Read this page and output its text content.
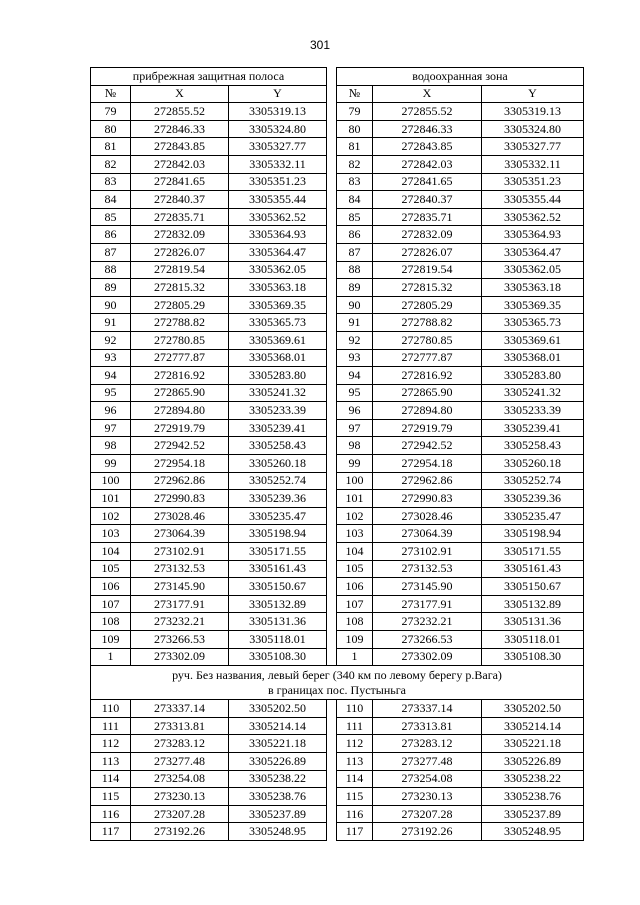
301
прибрежная защитная полоса				водоохранная зона		
№	X	Y		№	X	Y
79	272855.52	3305319.13		79	272855.52	3305319.13
80	272846.33	3305324.80		80	272846.33	3305324.80
81	272843.85	3305327.77		81	272843.85	3305327.77
82	272842.03	3305332.11		82	272842.03	3305332.11
83	272841.65	3305351.23		83	272841.65	3305351.23
84	272840.37	3305355.44		84	272840.37	3305355.44
85	272835.71	3305362.52		85	272835.71	3305362.52
86	272832.09	3305364.93		86	272832.09	3305364.93
87	272826.07	3305364.47		87	272826.07	3305364.47
88	272819.54	3305362.05		88	272819.54	3305362.05
89	272815.32	3305363.18		89	272815.32	3305363.18
90	272805.29	3305369.35		90	272805.29	3305369.35
91	272788.82	3305365.73		91	272788.82	3305365.73
92	272780.85	3305369.61		92	272780.85	3305369.61
93	272777.87	3305368.01		93	272777.87	3305368.01
94	272816.92	3305283.80		94	272816.92	3305283.80
95	272865.90	3305241.32		95	272865.90	3305241.32
96	272894.80	3305233.39		96	272894.80	3305233.39
97	272919.79	3305239.41		97	272919.79	3305239.41
98	272942.52	3305258.43		98	272942.52	3305258.43
99	272954.18	3305260.18		99	272954.18	3305260.18
100	272962.86	3305252.74		100	272962.86	3305252.74
101	272990.83	3305239.36		101	272990.83	3305239.36
102	273028.46	3305235.47		102	273028.46	3305235.47
103	273064.39	3305198.94		103	273064.39	3305198.94
104	273102.91	3305171.55		104	273102.91	3305171.55
105	273132.53	3305161.43		105	273132.53	3305161.43
106	273145.90	3305150.67		106	273145.90	3305150.67
107	273177.91	3305132.89		107	273177.91	3305132.89
108	273232.21	3305131.36		108	273232.21	3305131.36
109	273266.53	3305118.01		109	273266.53	3305118.01
1	273302.09	3305108.30		1	273302.09	3305108.30

руч. Без названия, левый берег (340 км по левому берегу р.Вага)
в границах пос. Пустыньга						

110	273337.14	3305202.50		110	273337.14	3305202.50
111	273313.81	3305214.14		111	273313.81	3305214.14
112	273283.12	3305221.18		112	273283.12	3305221.18
113	273277.48	3305226.89		113	273277.48	3305226.89
114	273254.08	3305238.22		114	273254.08	3305238.22
115	273230.13	3305238.76		115	273230.13	3305238.76
116	273207.28	3305237.89		116	273207.28	3305237.89
117	273192.26	3305248.95		117	273192.26	3305248.95
